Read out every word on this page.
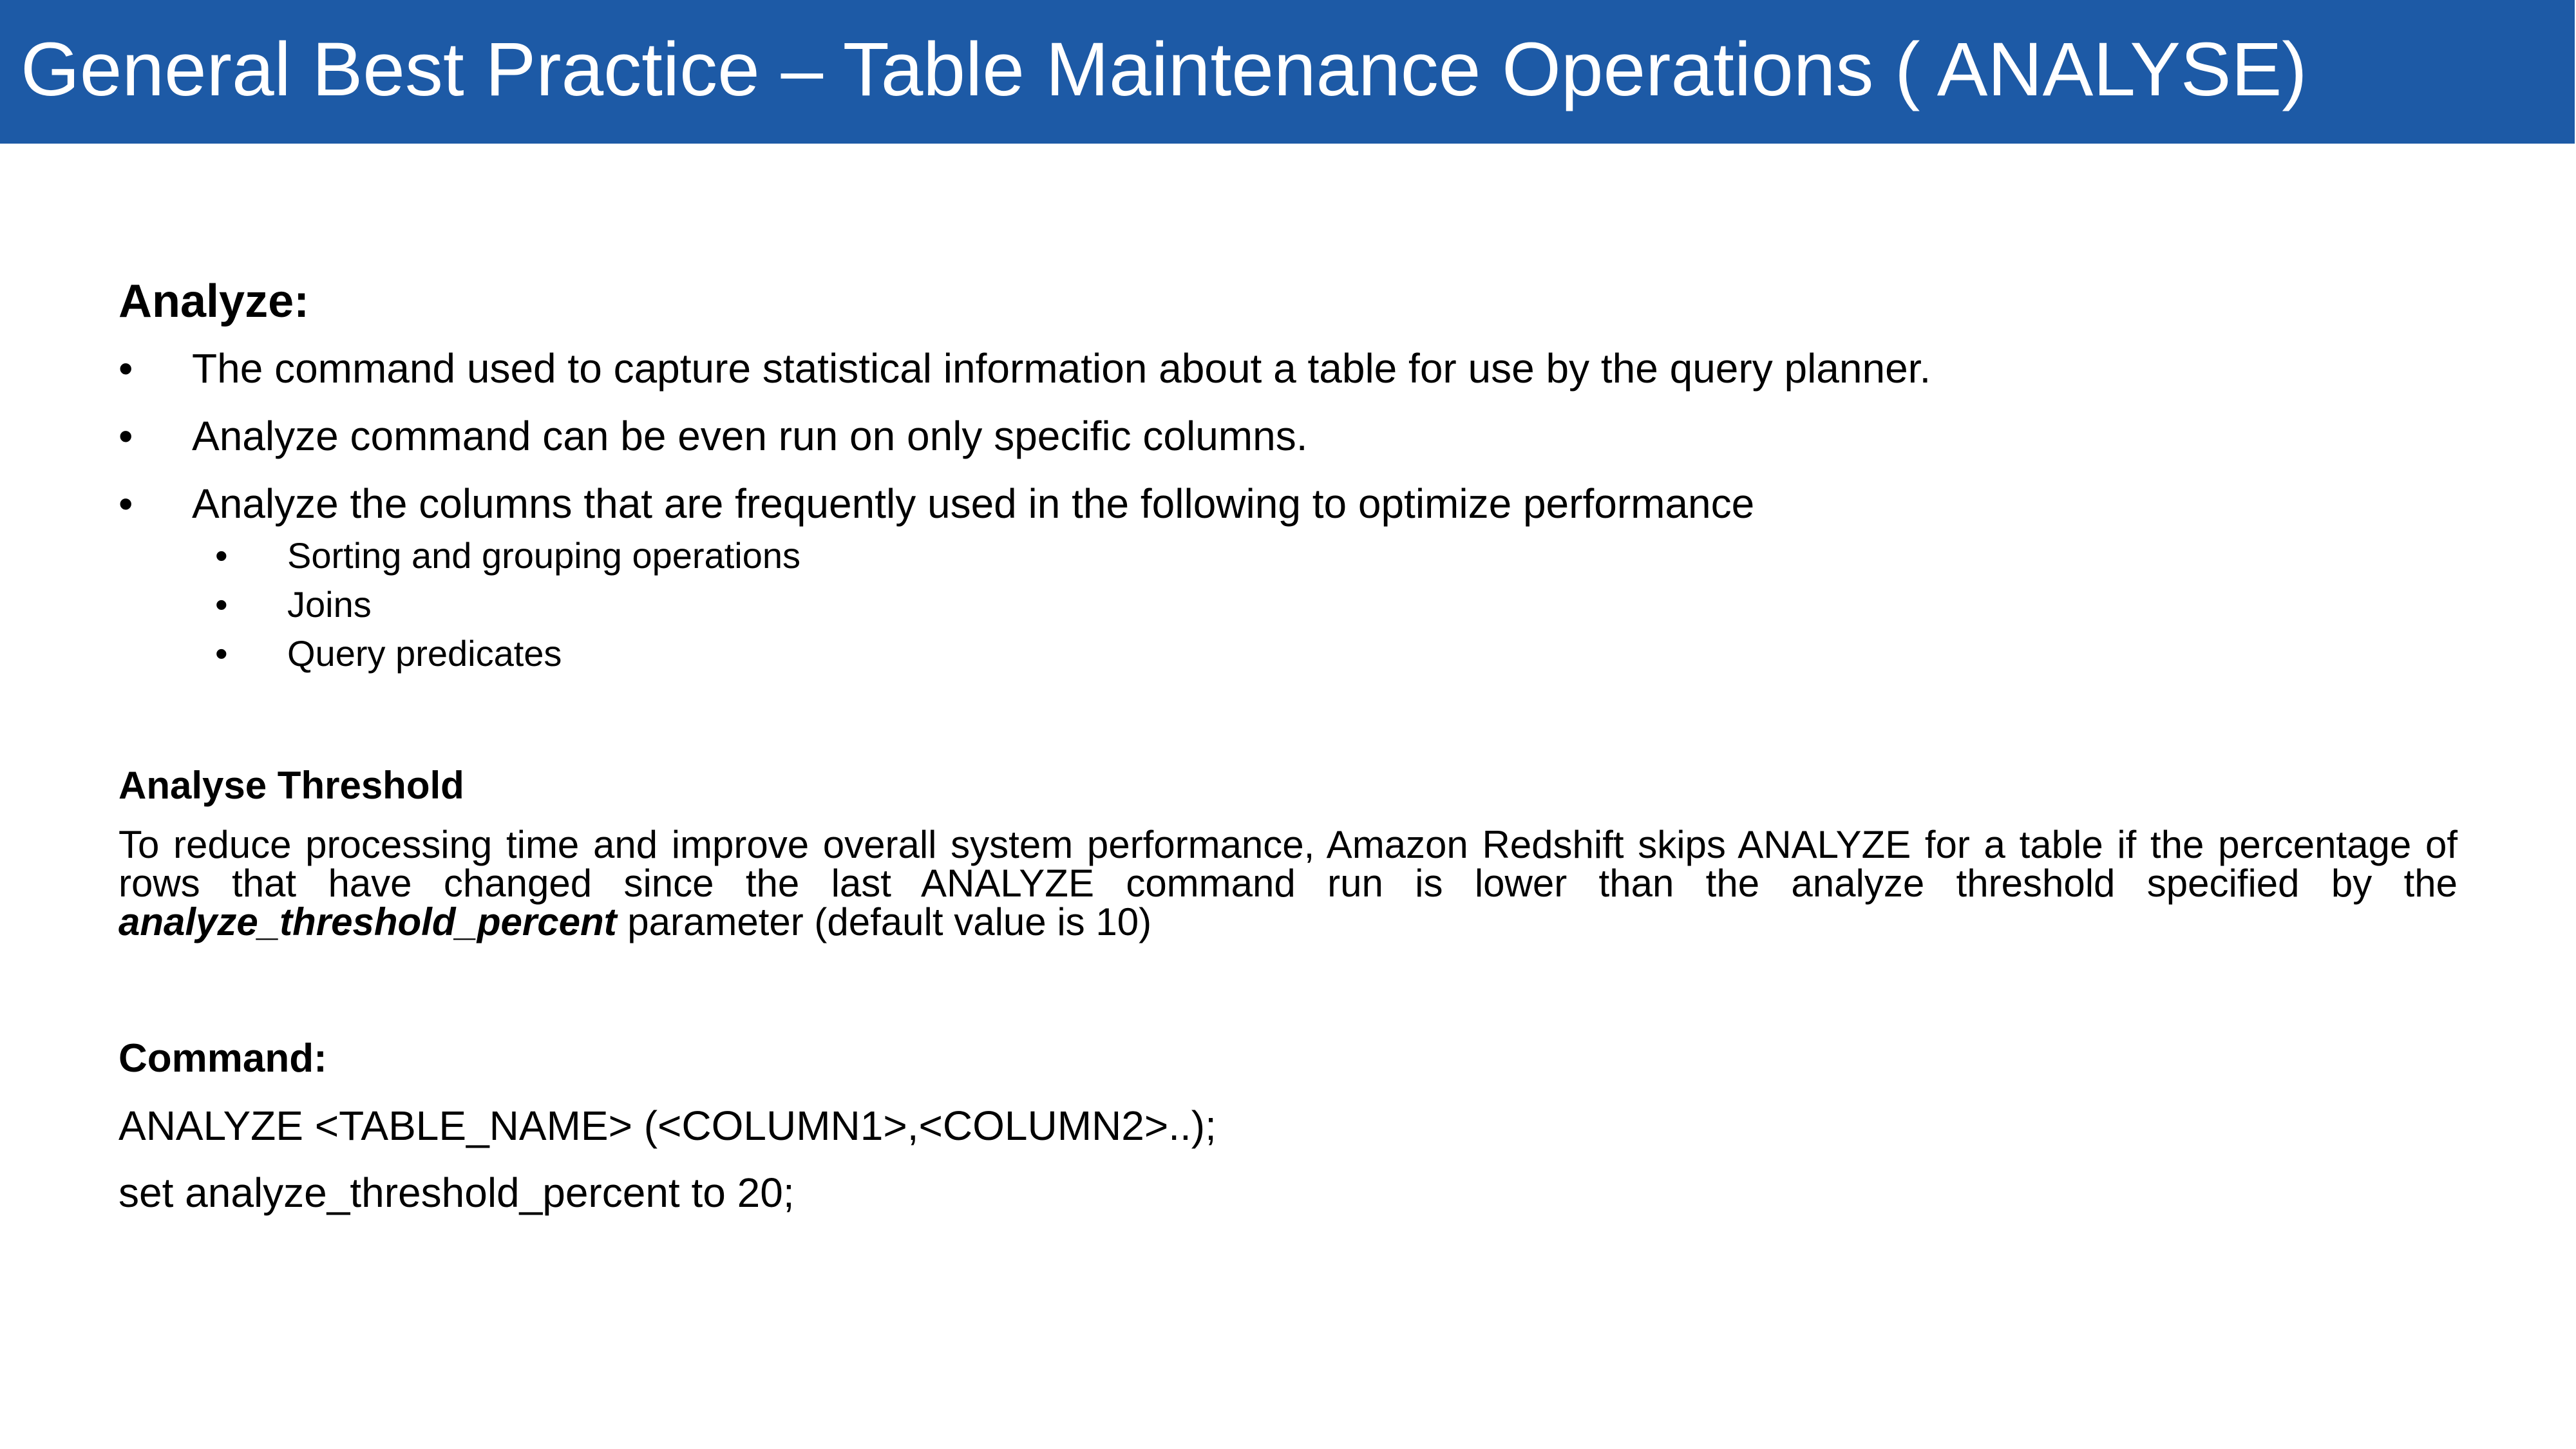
General Best Practice – Table Maintenance Operations ( ANALYSE)
Analyze:
• The command used to capture statistical information about a table for use by the query planner.
• Analyze command can be even run on only specific columns.
• Analyze the columns that are frequently used in the following to optimize performance
• Sorting and grouping operations
• Joins
• Query predicates
Analyse Threshold

To reduce processing time and improve overall system performance, Amazon Redshift skips ANALYZE for a table if the percentage of rows that have changed since the last ANALYZE command run is lower than the analyze threshold specified by the analyze_threshold_percent parameter (default value is 10)

Command:
ANALYZE <TABLE_NAME> (<COLUMN1>,<COLUMN2>..);
set analyze_threshold_percent to 20;
